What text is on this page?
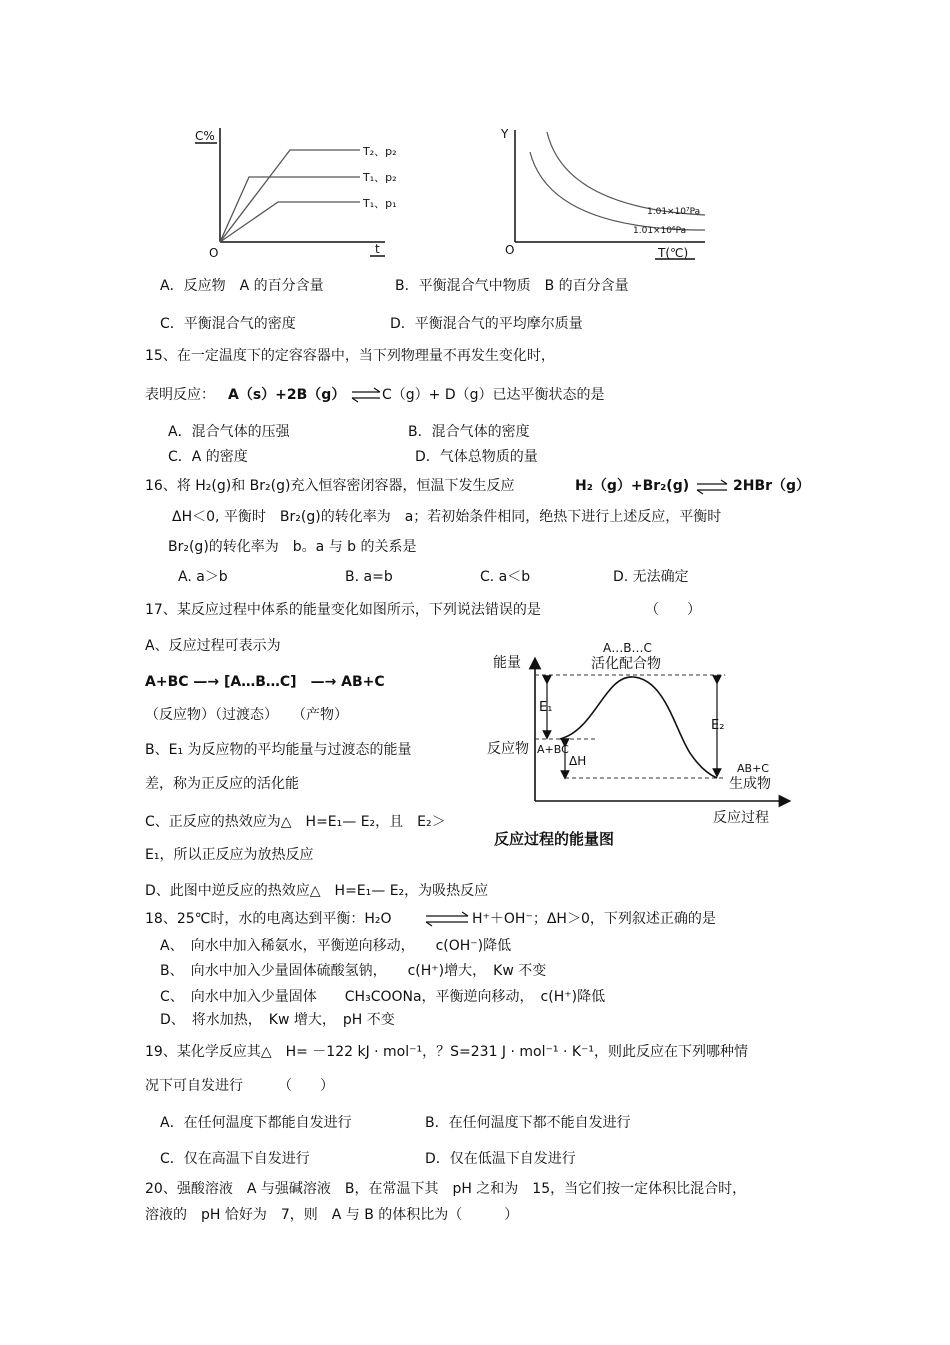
C%
O	t
T₂、p₂
T₁、p₂
T₁、p₁
Y
O	T(℃)
1.01×10⁷Pa
1.01×10⁶Pa
A．反应物　A 的百分含量	B．平衡混合气中物质　B 的百分含量
C．平衡混合气的密度	D．平衡混合气的平均摩尔质量
15、在一定温度下的定容容器中，当下列物理量不再发生变化时，
表明反应： A（s）+2B（g） ⇌ C（g）+ D（g）已达平衡状态的是
A．混合气体的压强	B．混合气体的密度
C．A 的密度	D．气体总物质的量
16、将 H₂(g)和 Br₂(g)充入恒容密闭容器，恒温下发生反应	H₂（g）+Br₂(g) ⇌ 2HBr（g）
ΔH＜0, 平衡时　Br₂(g)的转化率为　a；若初始条件相同，绝热下进行上述反应，平衡时
Br₂(g)的转化率为　b。a 与 b 的关系是
A. a＞b	B. a=b	C. a＜b	D. 无法确定
17、某反应过程中体系的能量变化如图所示，下列说法错误的是	（　　）
A、反应过程可表示为
A+BC —→ [A…B…C]　—→ AB+C
（反应物）（过渡态）　　（产物）
B、E₁ 为反应物的平均能量与过渡态的能量
差，称为正反应的活化能
C、正反应的热效应为△　H=E₁— E₂，且　E₂＞
E₁，所以正反应为放热反应
D、此图中逆反应的热效应△　H=E₁— E₂，为吸热反应
能量
反应过程
A…B…C
活化配合物
反应物 A+BC
AB+C
生成物
E₁
E₂
ΔH
反应过程的能量图
18、25℃时，水的电离达到平衡：H₂O ⇌ H⁺＋OH⁻；ΔH＞0，下列叙述正确的是
A、　向水中加入稀氨水，平衡逆向移动，　　c(OH⁻)降低
B、　向水中加入少量固体硫酸氢钠，　　c(H⁺)增大，　Kw 不变
C、　向水中加入少量固体　　CH₃COONa，平衡逆向移动，　c(H⁺)降低
D、　将水加热，　Kw 增大，　pH 不变
19、某化学反应其△　H= －122 kJ · mol⁻¹，？S=231 J · mol⁻¹ · K⁻¹，则此反应在下列哪种情
况下可自发进行　　　（　　）
A．在任何温度下都能自发进行	B．在任何温度下都不能自发进行
C．仅在高温下自发进行	D．仅在低温下自发进行
20、强酸溶液　A 与强碱溶液　B，在常温下其　pH 之和为　15，当它们按一定体积比混合时，
溶液的　pH 恰好为　7，则　A 与 B 的体积比为（　　　）
